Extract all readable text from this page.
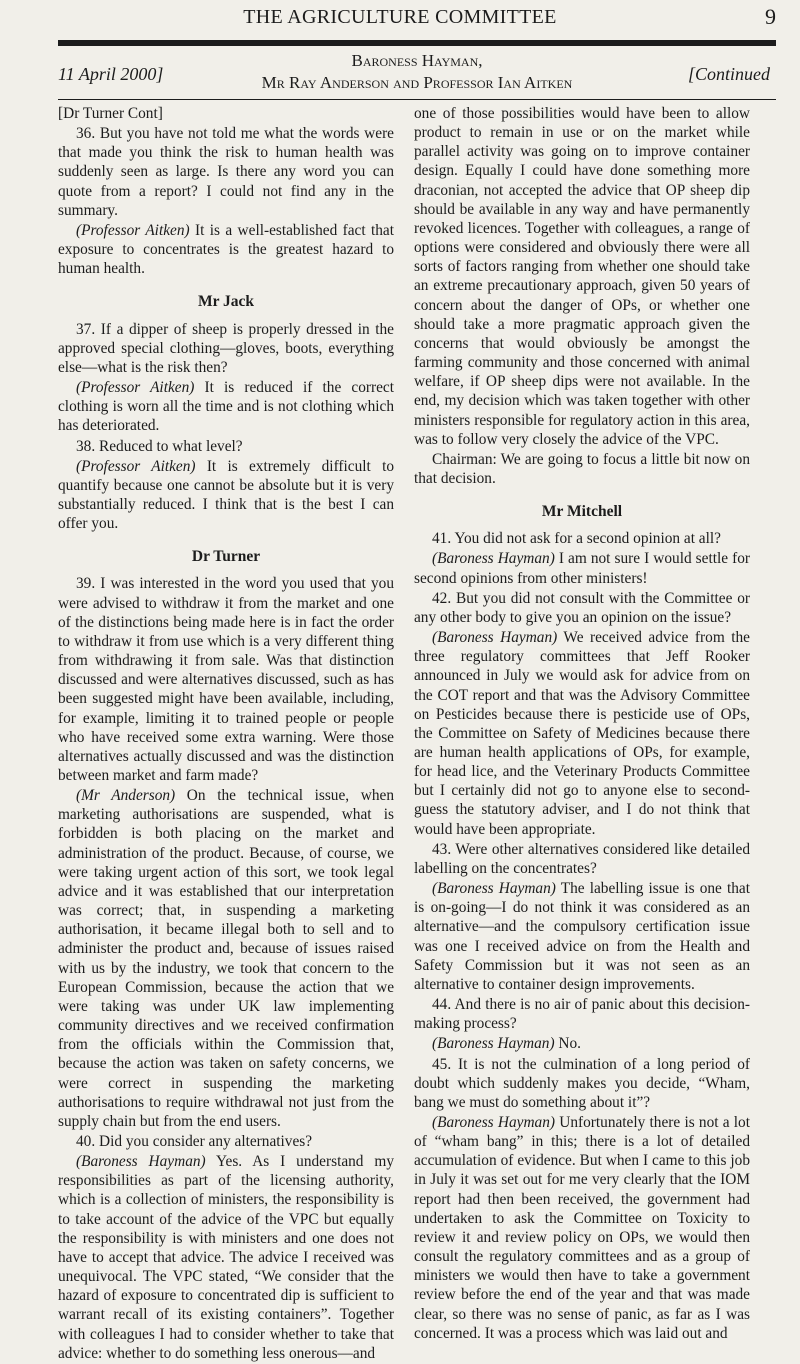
THE AGRICULTURE COMMITTEE	9
11 April 2000]
Baroness Hayman,
Mr Ray Anderson and Professor Ian Aitken	[Continued

[Dr Turner Cont]

36. But you have not told me what the words were that made you think the risk to human health was suddenly seen as large. Is there any word you can quote from a report? I could not find any in the summary.

(Professor Aitken) It is a well-established fact that exposure to concentrates is the greatest hazard to human health.

Mr Jack

37. If a dipper of sheep is properly dressed in the approved special clothing—gloves, boots, everything else—what is the risk then?

(Professor Aitken) It is reduced if the correct clothing is worn all the time and is not clothing which has deteriorated.

38. Reduced to what level?

(Professor Aitken) It is extremely difficult to quantify because one cannot be absolute but it is very substantially reduced. I think that is the best I can offer you.

Dr Turner

39. I was interested in the word you used that you were advised to withdraw it from the market and one of the distinctions being made here is in fact the order to withdraw it from use which is a very different thing from withdrawing it from sale. Was that distinction discussed and were alternatives discussed, such as has been suggested might have been available, including, for example, limiting it to trained people or people who have received some extra warning. Were those alternatives actually discussed and was the distinction between market and farm made?

(Mr Anderson) On the technical issue, when marketing authorisations are suspended, what is forbidden is both placing on the market and administration of the product. Because, of course, we were taking urgent action of this sort, we took legal advice and it was established that our interpretation was correct; that, in suspending a marketing authorisation, it became illegal both to sell and to administer the product and, because of issues raised with us by the industry, we took that concern to the European Commission, because the action that we were taking was under UK law implementing community directives and we received confirmation from the officials within the Commission that, because the action was taken on safety concerns, we were correct in suspending the marketing authorisations to require withdrawal not just from the supply chain but from the end users.

40. Did you consider any alternatives?

(Baroness Hayman) Yes. As I understand my responsibilities as part of the licensing authority, which is a collection of ministers, the responsibility is to take account of the advice of the VPC but equally the responsibility is with ministers and one does not have to accept that advice. The advice I received was unequivocal. The VPC stated, “We consider that the hazard of exposure to concentrated dip is sufficient to warrant recall of its existing containers”. Together with colleagues I had to consider whether to take that advice: whether to do something less onerous—and

one of those possibilities would have been to allow product to remain in use or on the market while parallel activity was going on to improve container design. Equally I could have done something more draconian, not accepted the advice that OP sheep dip should be available in any way and have permanently revoked licences. Together with colleagues, a range of options were considered and obviously there were all sorts of factors ranging from whether one should take an extreme precautionary approach, given 50 years of concern about the danger of OPs, or whether one should take a more pragmatic approach given the concerns that would obviously be amongst the farming community and those concerned with animal welfare, if OP sheep dips were not available. In the end, my decision which was taken together with other ministers responsible for regulatory action in this area, was to follow very closely the advice of the VPC.

Chairman: We are going to focus a little bit now on that decision.

Mr Mitchell

41. You did not ask for a second opinion at all?

(Baroness Hayman) I am not sure I would settle for second opinions from other ministers!

42. But you did not consult with the Committee or any other body to give you an opinion on the issue?

(Baroness Hayman) We received advice from the three regulatory committees that Jeff Rooker announced in July we would ask for advice from on the COT report and that was the Advisory Committee on Pesticides because there is pesticide use of OPs, the Committee on Safety of Medicines because there are human health applications of OPs, for example, for head lice, and the Veterinary Products Committee but I certainly did not go to anyone else to second-guess the statutory adviser, and I do not think that would have been appropriate.

43. Were other alternatives considered like detailed labelling on the concentrates?

(Baroness Hayman) The labelling issue is one that is on-going—I do not think it was considered as an alternative—and the compulsory certification issue was one I received advice on from the Health and Safety Commission but it was not seen as an alternative to container design improvements.

44. And there is no air of panic about this decision-making process?

(Baroness Hayman) No.

45. It is not the culmination of a long period of doubt which suddenly makes you decide, “Wham, bang we must do something about it”?

(Baroness Hayman) Unfortunately there is not a lot of “wham bang” in this; there is a lot of detailed accumulation of evidence. But when I came to this job in July it was set out for me very clearly that the IOM report had then been received, the government had undertaken to ask the Committee on Toxicity to review it and review policy on OPs, we would then consult the regulatory committees and as a group of ministers we would then have to take a government review before the end of the year and that was made clear, so there was no sense of panic, as far as I was concerned. It was a process which was laid out and
